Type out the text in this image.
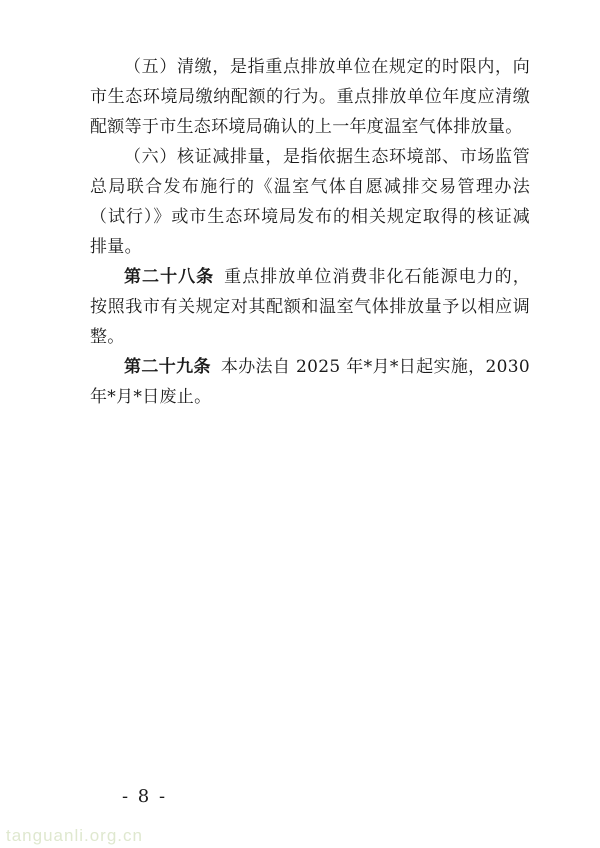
（五）清缴，是指重点排放单位在规定的时限内，向市生态环境局缴纳配额的行为。重点排放单位年度应清缴配额等于市生态环境局确认的上一年度温室气体排放量。

（六）核证减排量，是指依据生态环境部、市场监管总局联合发布施行的《温室气体自愿减排交易管理办法（试行）》或市生态环境局发布的相关规定取得的核证减排量。

第二十八条 重点排放单位消费非化石能源电力的，按照我市有关规定对其配额和温室气体排放量予以相应调整。

第二十九条 本办法自 2025 年*月*日起实施，2030 年*月*日废止。

- 8 -
tanguanli.org.cn
